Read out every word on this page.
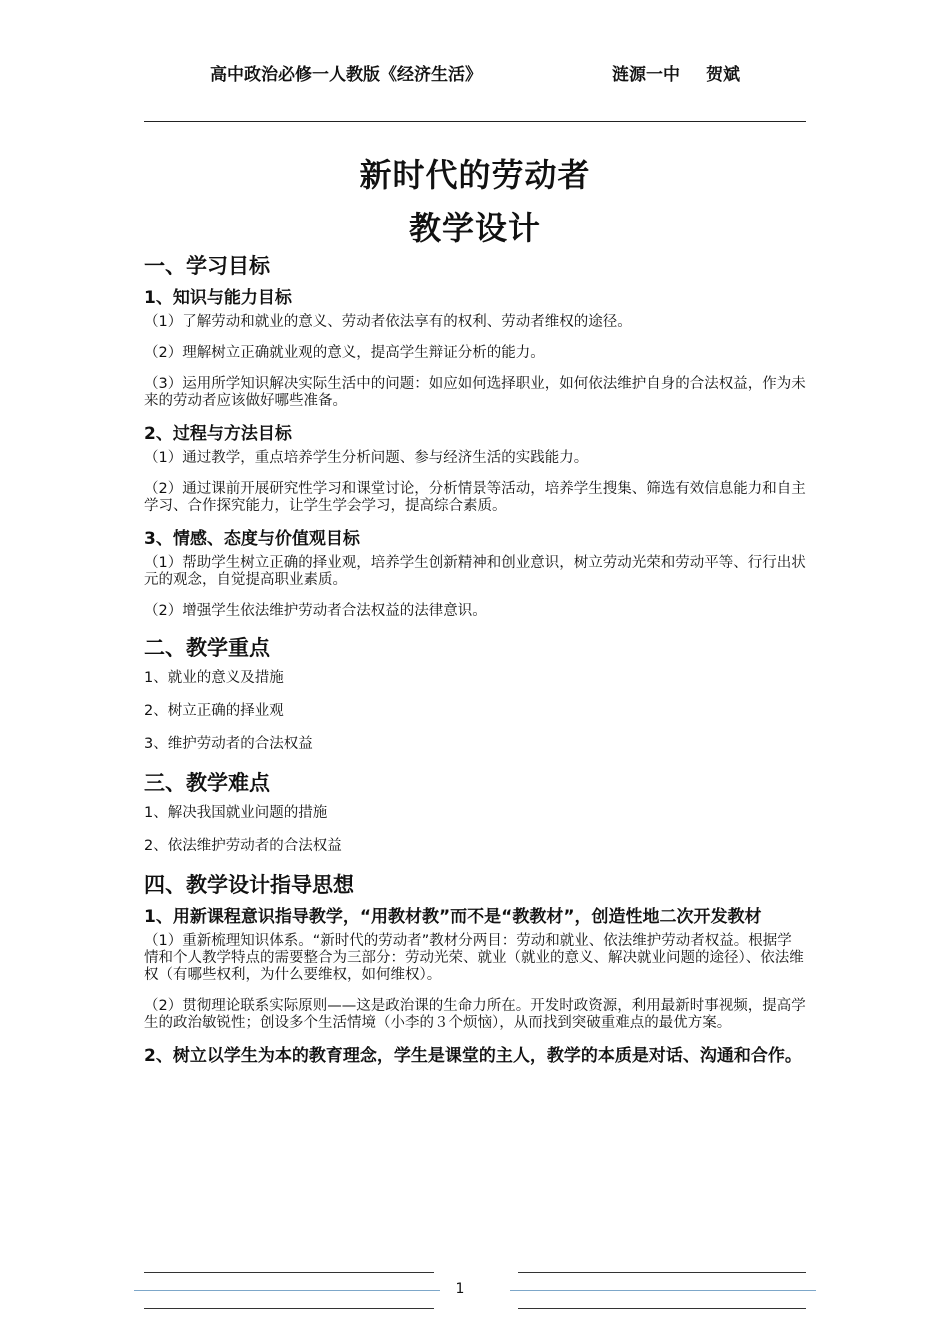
高中政治必修一人教版《经济生活》	涟源一中 贺斌
新时代的劳动者
教学设计
一、学习目标
1、知识与能力目标
（1）了解劳动和就业的意义、劳动者依法享有的权利、劳动者维权的途径。
（2）理解树立正确就业观的意义，提高学生辩证分析的能力。
（3）运用所学知识解决实际生活中的问题：如应如何选择职业，如何依法维护自身的合法权益，作为未来的劳动者应该做好哪些准备。
2、过程与方法目标
（1）通过教学，重点培养学生分析问题、参与经济生活的实践能力。
（2）通过课前开展研究性学习和课堂讨论，分析情景等活动，培养学生搜集、筛选有效信息能力和自主学习、合作探究能力，让学生学会学习，提高综合素质。
3、情感、态度与价值观目标
（1）帮助学生树立正确的择业观，培养学生创新精神和创业意识，树立劳动光荣和劳动平等、行行出状元的观念，自觉提高职业素质。
（2）增强学生依法维护劳动者合法权益的法律意识。
二、教学重点
1、就业的意义及措施
2、树立正确的择业观
3、维护劳动者的合法权益
三、教学难点
1、解决我国就业问题的措施
2、依法维护劳动者的合法权益
四、教学设计指导思想
1、用新课程意识指导教学，“用教材教”而不是“教教材”，创造性地二次开发教材
（1）重新梳理知识体系。“新时代的劳动者”教材分两目：劳动和就业、依法维护劳动者权益。根据学情和个人教学特点的需要整合为三部分：劳动光荣、就业（就业的意义、解决就业问题的途径）、依法维权（有哪些权利，为什么要维权，如何维权）。
（2）贯彻理论联系实际原则——这是政治课的生命力所在。开发时政资源，利用最新时事视频，提高学生的政治敏锐性；创设多个生活情境（小李的３个烦恼），从而找到突破重难点的最优方案。
2、树立以学生为本的教育理念，学生是课堂的主人，教学的本质是对话、沟通和合作。
1
